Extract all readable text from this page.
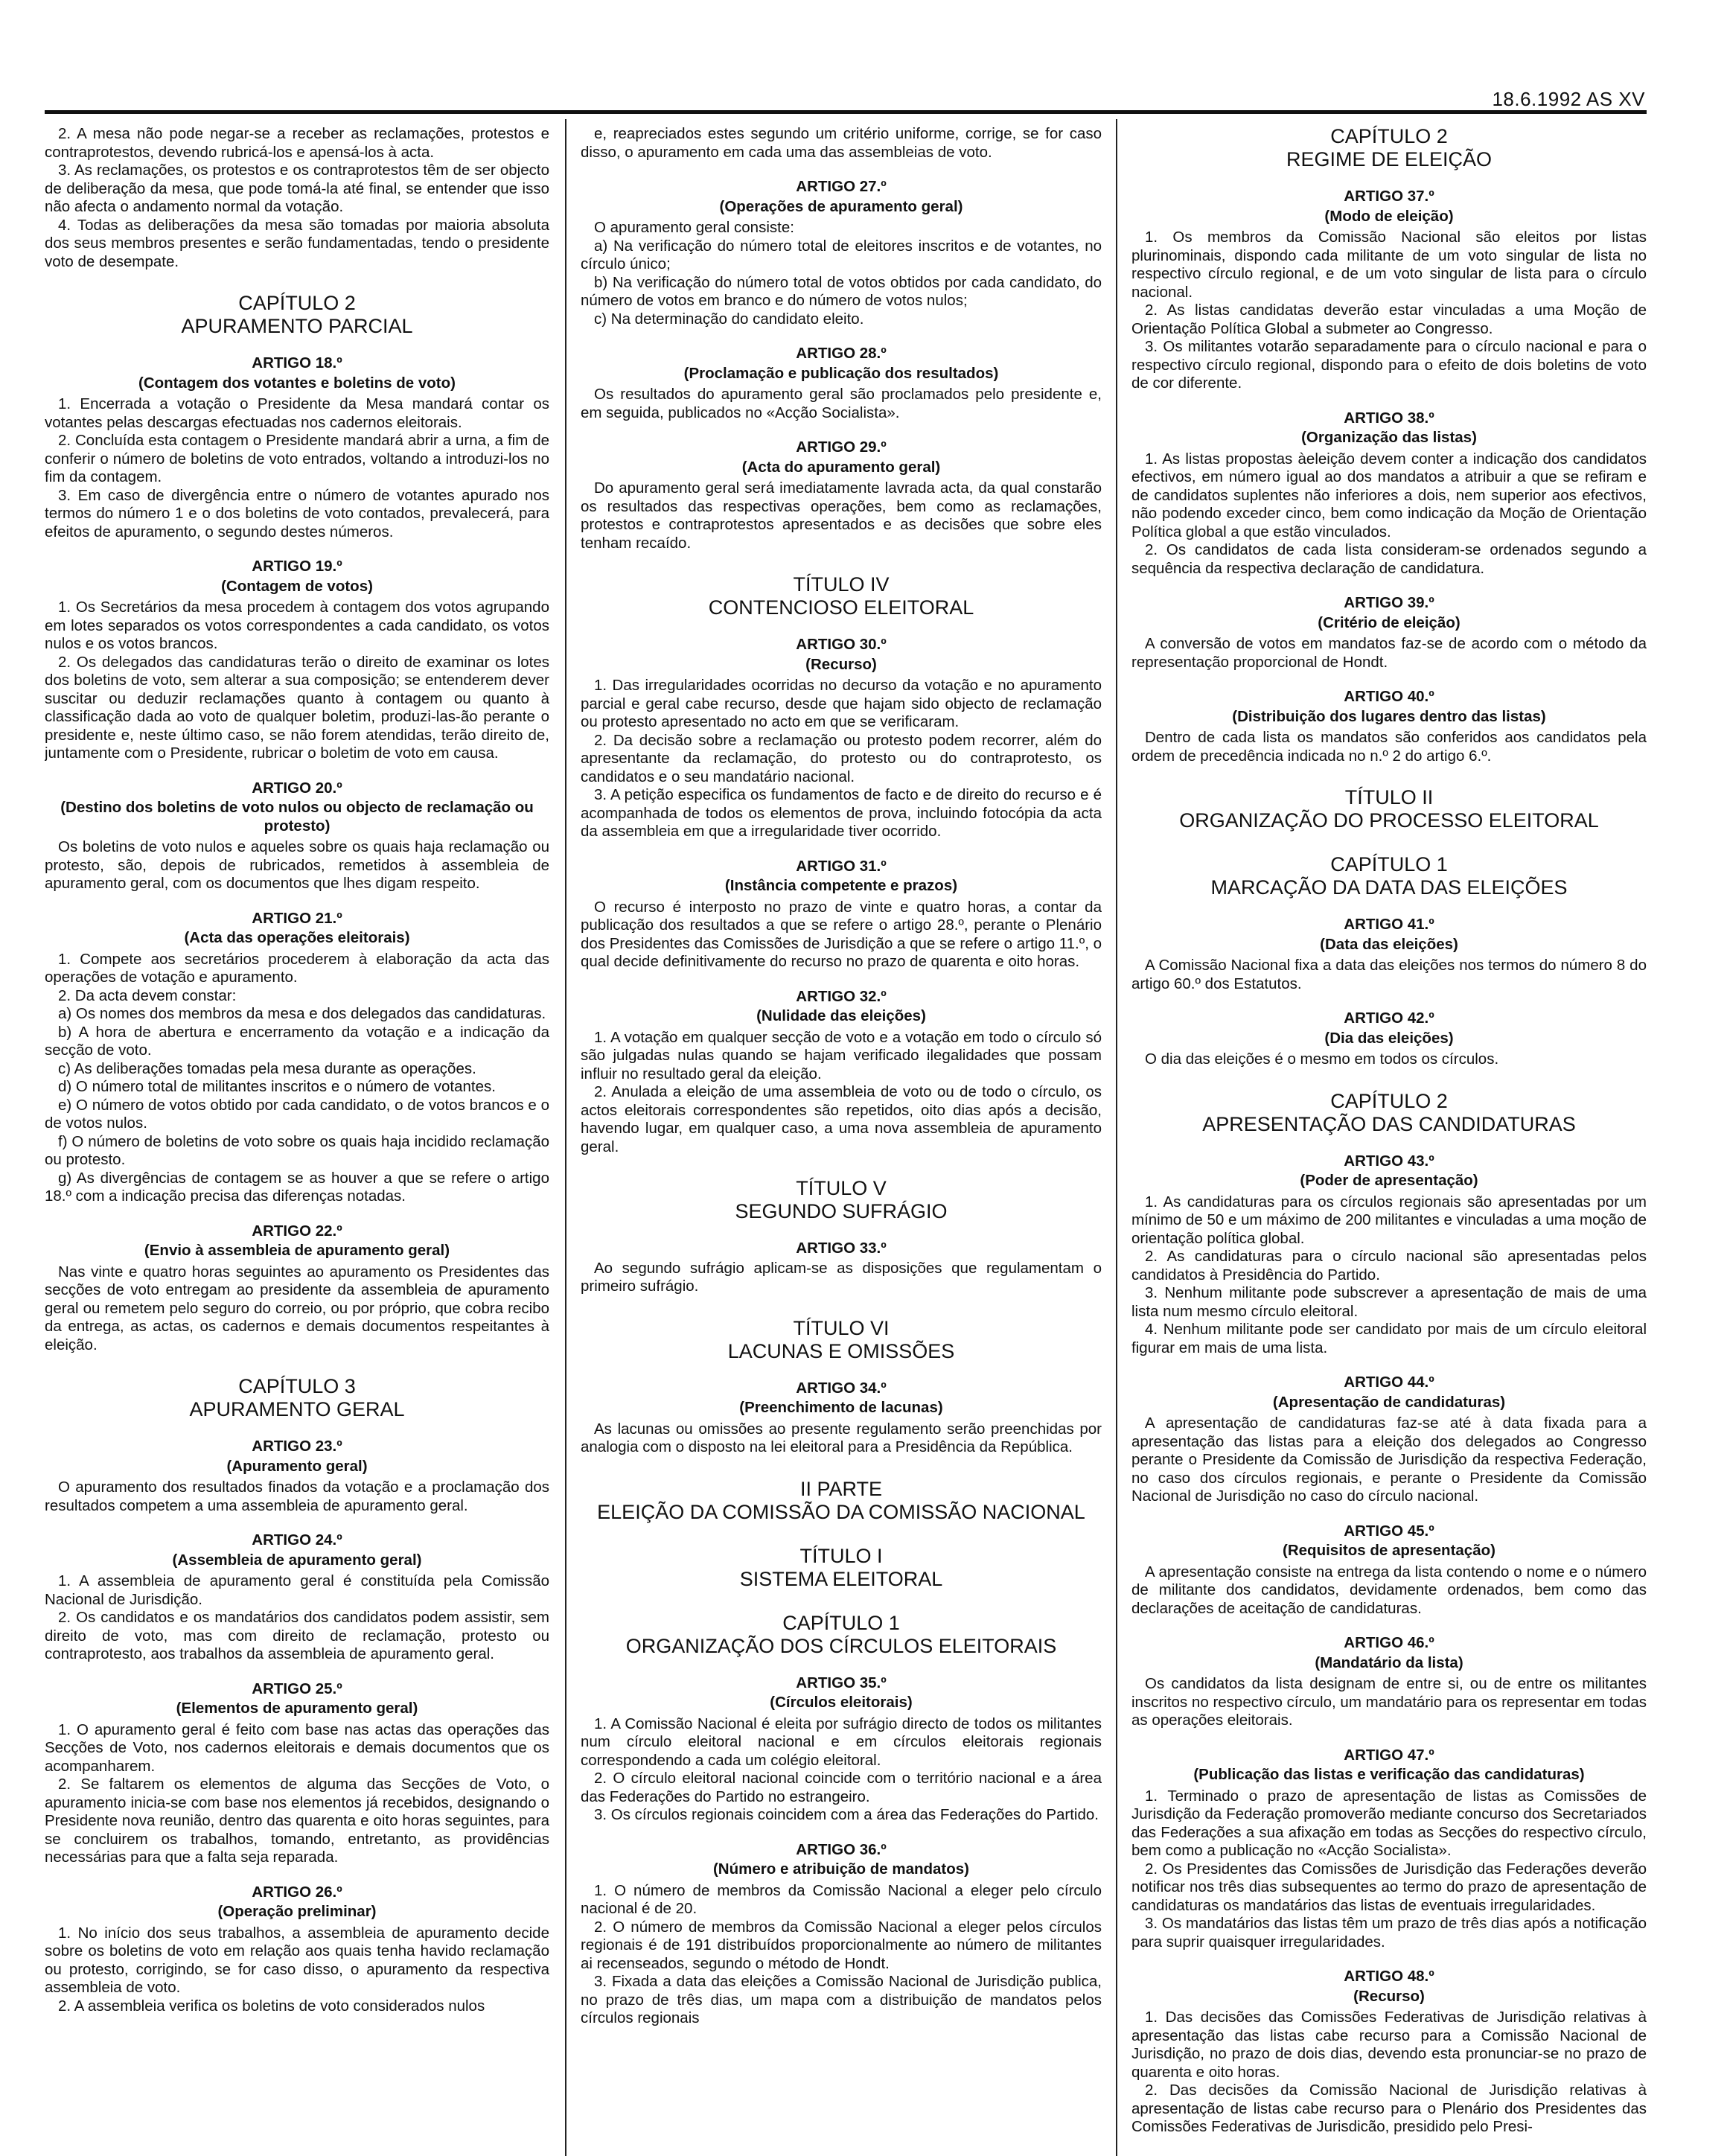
18.6.1992 AS XV

2. A mesa não pode negar-se a receber as reclamações, protestos e contraprotestos, devendo rubricá-los e apensá-los à acta.

3. As reclamações, os protestos e os contraprotestos têm de ser objecto de deliberação da mesa, que pode tomá-la até final, se entender que isso não afecta o andamento normal da votação.

4. Todas as deliberações da mesa são tomadas por maioria absoluta dos seus membros presentes e serão fundamentadas, tendo o presidente voto de desempate.

CAPÍTULO 2
APURAMENTO PARCIAL
ARTIGO 18.º
(Contagem dos votantes e boletins de voto)

1. Encerrada a votação o Presidente da Mesa mandará contar os votantes pelas descargas efectuadas nos cadernos eleitorais.

2. Concluída esta contagem o Presidente mandará abrir a urna, a fim de conferir o número de boletins de voto entrados, voltando a introduzi-los no fim da contagem.

3. Em caso de divergência entre o número de votantes apurado nos termos do número 1 e o dos boletins de voto contados, prevalecerá, para efeitos de apuramento, o segundo destes números.

ARTIGO 19.º
(Contagem de votos)

1. Os Secretários da mesa procedem à contagem dos votos agrupando em lotes separados os votos correspondentes a cada candidato, os votos nulos e os votos brancos.

2. Os delegados das candidaturas terão o direito de examinar os lotes dos boletins de voto, sem alterar a sua composição; se entenderem dever suscitar ou deduzir reclamações quanto à contagem ou quanto à classificação dada ao voto de qualquer boletim, produzi-las-ão perante o presidente e, neste último caso, se não forem atendidas, terão direito de, juntamente com o Presidente, rubricar o boletim de voto em causa.

ARTIGO 20.º
(Destino dos boletins de voto nulos ou objecto de reclamação ou protesto)

Os boletins de voto nulos e aqueles sobre os quais haja reclamação ou protesto, são, depois de rubricados, remetidos à assembleia de apuramento geral, com os documentos que lhes digam respeito.

ARTIGO 21.º
(Acta das operações eleitorais)

1. Compete aos secretários procederem à elaboração da acta das operações de votação e apuramento.

2. Da acta devem constar:

a) Os nomes dos membros da mesa e dos delegados das candidaturas.

b) A hora de abertura e encerramento da votação e a indicação da secção de voto.

c) As deliberações tomadas pela mesa durante as operações.

d) O número total de militantes inscritos e o número de votantes.

e) O número de votos obtido por cada candidato, o de votos brancos e o de votos nulos.

f) O número de boletins de voto sobre os quais haja incidido reclamação ou protesto.

g) As divergências de contagem se as houver a que se refere o artigo 18.º com a indicação precisa das diferenças notadas.

ARTIGO 22.º
(Envio à assembleia de apuramento geral)

Nas vinte e quatro horas seguintes ao apuramento os Presidentes das secções de voto entregam ao presidente da assembleia de apuramento geral ou remetem pelo seguro do correio, ou por próprio, que cobra recibo da entrega, as actas, os cadernos e demais documentos respeitantes à eleição.

CAPÍTULO 3
APURAMENTO GERAL
ARTIGO 23.º
(Apuramento geral)

O apuramento dos resultados finados da votação e a proclamação dos resultados competem a uma assembleia de apuramento geral.

ARTIGO 24.º
(Assembleia de apuramento geral)

1. A assembleia de apuramento geral é constituída pela Comissão Nacional de Jurisdição.

2. Os candidatos e os mandatários dos candidatos podem assistir, sem direito de voto, mas com direito de reclamação, protesto ou contraprotesto, aos trabalhos da assembleia de apuramento geral.

ARTIGO 25.º
(Elementos de apuramento geral)

1. O apuramento geral é feito com base nas actas das operações das Secções de Voto, nos cadernos eleitorais e demais documentos que os acompanharem.

2. Se faltarem os elementos de alguma das Secções de Voto, o apuramento inicia-se com base nos elementos já recebidos, designando o Presidente nova reunião, dentro das quarenta e oito horas seguintes, para se concluirem os trabalhos, tomando, entretanto, as providências necessárias para que a falta seja reparada.

ARTIGO 26.º
(Operação preliminar)

1. No início dos seus trabalhos, a assembleia de apuramento decide sobre os boletins de voto em relação aos quais tenha havido reclamação ou protesto, corrigindo, se for caso disso, o apuramento da respectiva assembleia de voto.

2. A assembleia verifica os boletins de voto considerados nulos

e, reapreciados estes segundo um critério uniforme, corrige, se for caso disso, o apuramento em cada uma das assembleias de voto.

ARTIGO 27.º
(Operações de apuramento geral)

O apuramento geral consiste:

a) Na verificação do número total de eleitores inscritos e de votantes, no círculo único;

b) Na verificação do número total de votos obtidos por cada candidato, do número de votos em branco e do número de votos nulos;

c) Na determinação do candidato eleito.

ARTIGO 28.º
(Proclamação e publicação dos resultados)

Os resultados do apuramento geral são proclamados pelo presidente e, em seguida, publicados no «Acção Socialista».

ARTIGO 29.º
(Acta do apuramento geral)

Do apuramento geral será imediatamente lavrada acta, da qual constarão os resultados das respectivas operações, bem como as reclamações, protestos e contraprotestos apresentados e as decisões que sobre eles tenham recaído.

TÍTULO IV
CONTENCIOSO ELEITORAL
ARTIGO 30.º
(Recurso)

1. Das irregularidades ocorridas no decurso da votação e no apuramento parcial e geral cabe recurso, desde que hajam sido objecto de reclamação ou protesto apresentado no acto em que se verificaram.

2. Da decisão sobre a reclamação ou protesto podem recorrer, além do apresentante da reclamação, do protesto ou do contraprotesto, os candidatos e o seu mandatário nacional.

3. A petição especifica os fundamentos de facto e de direito do recurso e é acompanhada de todos os elementos de prova, incluindo fotocópia da acta da assembleia em que a irregularidade tiver ocorrido.

ARTIGO 31.º
(Instância competente e prazos)

O recurso é interposto no prazo de vinte e quatro horas, a contar da publicação dos resultados a que se refere o artigo 28.º, perante o Plenário dos Presidentes das Comissões de Jurisdição a que se refere o artigo 11.º, o qual decide definitivamente do recurso no prazo de quarenta e oito horas.

ARTIGO 32.º
(Nulidade das eleições)

1. A votação em qualquer secção de voto e a votação em todo o círculo só são julgadas nulas quando se hajam verificado ilegalidades que possam influir no resultado geral da eleição.

2. Anulada a eleição de uma assembleia de voto ou de todo o círculo, os actos eleitorais correspondentes são repetidos, oito dias após a decisão, havendo lugar, em qualquer caso, a uma nova assembleia de apuramento geral.

TÍTULO V
SEGUNDO SUFRÁGIO
ARTIGO 33.º

Ao segundo sufrágio aplicam-se as disposições que regulamentam o primeiro sufrágio.

TÍTULO VI
LACUNAS E OMISSÕES
ARTIGO 34.º
(Preenchimento de lacunas)

As lacunas ou omissões ao presente regulamento serão preenchidas por analogia com o disposto na lei eleitoral para a Presidência da República.

II PARTE
ELEIÇÃO DA COMISSÃO DA COMISSÃO NACIONAL
TÍTULO I
SISTEMA ELEITORAL
CAPÍTULO 1
ORGANIZAÇÃO DOS CÍRCULOS ELEITORAIS
ARTIGO 35.º
(Círculos eleitorais)

1. A Comissão Nacional é eleita por sufrágio directo de todos os militantes num círculo eleitoral nacional e em círculos eleitorais regionais correspondendo a cada um colégio eleitoral.

2. O círculo eleitoral nacional coincide com o território nacional e a área das Federações do Partido no estrangeiro.

3. Os círculos regionais coincidem com a área das Federações do Partido.

ARTIGO 36.º
(Número e atribuição de mandatos)

1. O número de membros da Comissão Nacional a eleger pelo círculo nacional é de 20.

2. O número de membros da Comissão Nacional a eleger pelos círculos regionais é de 191 distribuídos proporcionalmente ao número de militantes ai recenseados, segundo o método de Hondt.

3. Fixada a data das eleições a Comissão Nacional de Jurisdição publica, no prazo de três dias, um mapa com a distribuição de mandatos pelos círculos regionais

CAPÍTULO 2
REGIME DE ELEIÇÃO
ARTIGO 37.º
(Modo de eleição)

1. Os membros da Comissão Nacional são eleitos por listas plurinominais, dispondo cada militante de um voto singular de lista no respectivo círculo regional, e de um voto singular de lista para o círculo nacional.

2. As listas candidatas deverão estar vinculadas a uma Moção de Orientação Política Global a submeter ao Congresso.

3. Os militantes votarão separadamente para o círculo nacional e para o respectivo círculo regional, dispondo para o efeito de dois boletins de voto de cor diferente.

ARTIGO 38.º
(Organização das listas)

1. As listas propostas àeleição devem conter a indicação dos candidatos efectivos, em número igual ao dos mandatos a atribuir a que se refiram e de candidatos suplentes não inferiores a dois, nem superior aos efectivos, não podendo exceder cinco, bem como indicação da Moção de Orientação Política global a que estão vinculados.

2. Os candidatos de cada lista consideram-se ordenados segundo a sequência da respectiva declaração de candidatura.

ARTIGO 39.º
(Critério de eleição)

A conversão de votos em mandatos faz-se de acordo com o método da representação proporcional de Hondt.

ARTIGO 40.º
(Distribuição dos lugares dentro das listas)

Dentro de cada lista os mandatos são conferidos aos candidatos pela ordem de precedência indicada no n.º 2 do artigo 6.º.

TÍTULO II
ORGANIZAÇÃO DO PROCESSO ELEITORAL
CAPÍTULO 1
MARCAÇÃO DA DATA DAS ELEIÇÕES
ARTIGO 41.º
(Data das eleições)

A Comissão Nacional fixa a data das eleições nos termos do número 8 do artigo 60.º dos Estatutos.

ARTIGO 42.º
(Dia das eleições)

O dia das eleições é o mesmo em todos os círculos.

CAPÍTULO 2
APRESENTAÇÃO DAS CANDIDATURAS
ARTIGO 43.º
(Poder de apresentação)

1. As candidaturas para os círculos regionais são apresentadas por um mínimo de 50 e um máximo de 200 militantes e vinculadas a uma moção de orientação política global.

2. As candidaturas para o círculo nacional são apresentadas pelos candidatos à Presidência do Partido.

3. Nenhum militante pode subscrever a apresentação de mais de uma lista num mesmo círculo eleitoral.

4. Nenhum militante pode ser candidato por mais de um círculo eleitoral figurar em mais de uma lista.

ARTIGO 44.º
(Apresentação de candidaturas)

A apresentação de candidaturas faz-se até à data fixada para a apresentação das listas para a eleição dos delegados ao Congresso perante o Presidente da Comissão de Jurisdição da respectiva Federação, no caso dos círculos regionais, e perante o Presidente da Comissão Nacional de Jurisdição no caso do círculo nacional.

ARTIGO 45.º
(Requisitos de apresentação)

A apresentação consiste na entrega da lista contendo o nome e o número de militante dos candidatos, devidamente ordenados, bem como das declarações de aceitação de candidaturas.

ARTIGO 46.º
(Mandatário da lista)

Os candidatos da lista designam de entre si, ou de entre os militantes inscritos no respectivo círculo, um mandatário para os representar em todas as operações eleitorais.

ARTIGO 47.º
(Publicação das listas e verificação das candidaturas)

1. Terminado o prazo de apresentação de listas as Comissões de Jurisdição da Federação promoverão mediante concurso dos Secretariados das Federações a sua afixação em todas as Secções do respectivo círculo, bem como a publicação no «Acção Socialista».

2. Os Presidentes das Comissões de Jurisdição das Federações deverão notificar nos três dias subsequentes ao termo do prazo de apresentação de candidaturas os mandatários das listas de eventuais irregularidades.

3. Os mandatários das listas têm um prazo de três dias após a notificação para suprir quaisquer irregularidades.

ARTIGO 48.º
(Recurso)

1. Das decisões das Comissões Federativas de Jurisdição relativas à apresentação das listas cabe recurso para a Comissão Nacional de Jurisdição, no prazo de dois dias, devendo esta pronunciar-se no prazo de quarenta e oito horas.

2. Das decisões da Comissão Nacional de Jurisdição relativas à apresentação de listas cabe recurso para o Plenário dos Presidentes das Comissões Federativas de Jurisdicão, presidido pelo Presi-
